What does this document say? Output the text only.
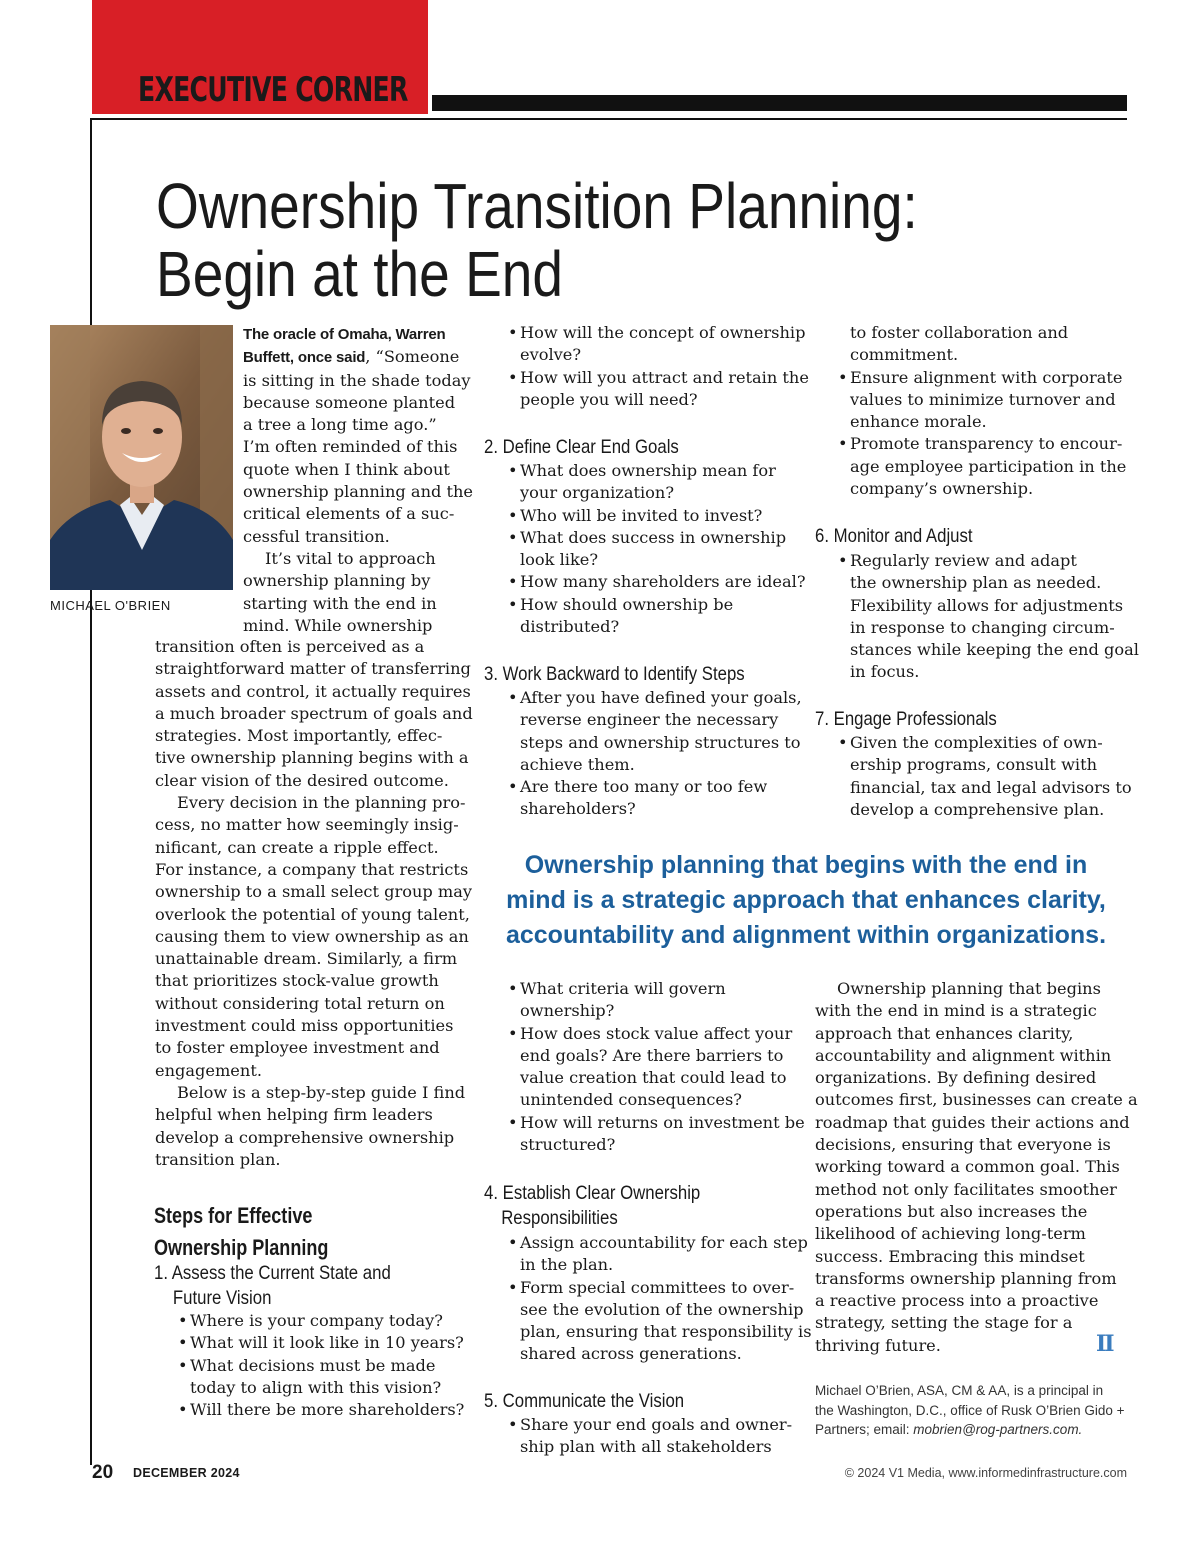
EXECUTIVE CORNER
Ownership Transition Planning:
Begin at the End
MICHAEL O'BRIEN
The oracle of Omaha, Warren
Buffett, once said, “Someone
is sitting in the shade today
because someone planted
a tree a long time ago.”
I’m often reminded of this
quote when I think about
ownership planning and the
critical elements of a suc-
cessful transition.
It’s vital to approach
ownership planning by
starting with the end in
mind. While ownership
transition often is perceived as a
straightforward matter of transferring
assets and control, it actually requires
a much broader spectrum of goals and
strategies. Most importantly, effec-
tive ownership planning begins with a
clear vision of the desired outcome.
Every decision in the planning pro-
cess, no matter how seemingly insig-
nificant, can create a ripple effect.
For instance, a company that restricts
ownership to a small select group may
overlook the potential of young talent,
causing them to view ownership as an
unattainable dream. Similarly, a firm
that prioritizes stock-value growth
without considering total return on
investment could miss opportunities
to foster employee investment and
engagement.
Below is a step-by-step guide I find
helpful when helping firm leaders
develop a comprehensive ownership
transition plan.
Steps for Effective
Ownership Planning
1. Assess the Current State and
Future Vision
• Where is your company today?
• What will it look like in 10 years?
• What decisions must be made
today to align with this vision?
• Will there be more shareholders?
• How will the concept of ownership
evolve?
• How will you attract and retain the
people you will need?
2. Define Clear End Goals
• What does ownership mean for
your organization?
• Who will be invited to invest?
• What does success in ownership
look like?
• How many shareholders are ideal?
• How should ownership be
distributed?
3. Work Backward to Identify Steps
• After you have defined your goals,
reverse engineer the necessary
steps and ownership structures to
achieve them.
• Are there too many or too few
shareholders?
to foster collaboration and
commitment.
• Ensure alignment with corporate
values to minimize turnover and
enhance morale.
• Promote transparency to encour-
age employee participation in the
company’s ownership.
6. Monitor and Adjust
• Regularly review and adapt
the ownership plan as needed.
Flexibility allows for adjustments
in response to changing circum-
stances while keeping the end goal
in focus.
7. Engage Professionals
• Given the complexities of own-
ership programs, consult with
financial, tax and legal advisors to
develop a comprehensive plan.
Ownership planning that begins with the end in
mind is a strategic approach that enhances clarity,
accountability and alignment within organizations.
• What criteria will govern
ownership?
• How does stock value affect your
end goals? Are there barriers to
value creation that could lead to
unintended consequences?
• How will returns on investment be
structured?
4. Establish Clear Ownership
Responsibilities
• Assign accountability for each step
in the plan.
• Form special committees to over-
see the evolution of the ownership
plan, ensuring that responsibility is
shared across generations.
5. Communicate the Vision
• Share your end goals and owner-
ship plan with all stakeholders
Ownership planning that begins
with the end in mind is a strategic
approach that enhances clarity,
accountability and alignment within
organizations. By defining desired
outcomes first, businesses can create a
roadmap that guides their actions and
decisions, ensuring that everyone is
working toward a common goal. This
method not only facilitates smoother
operations but also increases the
likelihood of achieving long-term
success. Embracing this mindset
transforms ownership planning from
a reactive process into a proactive
strategy, setting the stage for a
thriving future.	II
Michael O’Brien, ASA, CM & AA, is a principal in
the Washington, D.C., office of Rusk O’Brien Gido +
Partners; email: mobrien@rog-partners.com.
20 DECEMBER 2024	© 2024 V1 Media, www.informedinfrastructure.com
